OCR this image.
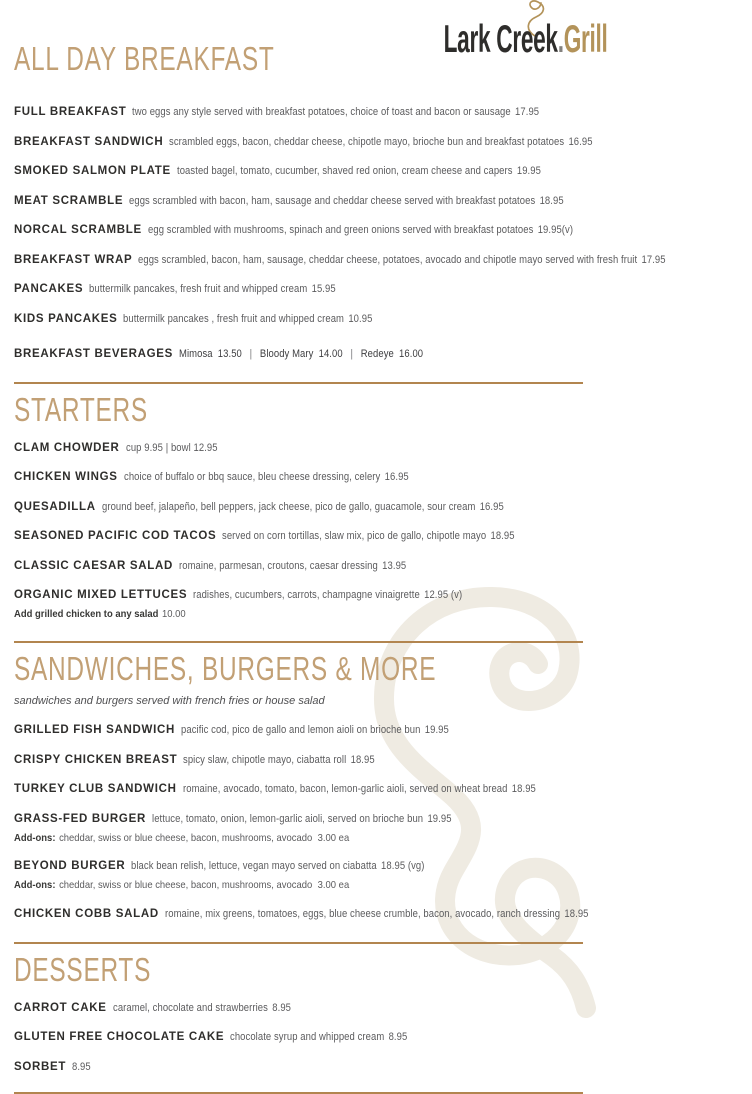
ALL DAY BREAKFAST	Lark Creek.Grill
FULL BREAKFAST two eggs any style served with breakfast potatoes, choice of toast and bacon or sausage 17.95
BREAKFAST SANDWICH scrambled eggs, bacon, cheddar cheese, chipotle mayo, brioche bun and breakfast potatoes 16.95
SMOKED SALMON PLATE toasted bagel, tomato, cucumber, shaved red onion, cream cheese and capers 19.95
MEAT SCRAMBLE eggs scrambled with bacon, ham, sausage and cheddar cheese served with breakfast potatoes 18.95
NORCAL SCRAMBLE egg scrambled with mushrooms, spinach and green onions served with breakfast potatoes 19.95(v)
BREAKFAST WRAP eggs scrambled, bacon, ham, sausage, cheddar cheese, potatoes, avocado and chipotle mayo served with fresh fruit 17.95
PANCAKES buttermilk pancakes, fresh fruit and whipped cream 15.95
KIDS PANCAKES buttermilk pancakes , fresh fruit and whipped cream 10.95
BREAKFAST BEVERAGES Mimosa 13.50 | Bloody Mary 14.00 | Redeye 16.00
STARTERS
CLAM CHOWDER cup 9.95 | bowl 12.95
CHICKEN WINGS choice of buffalo or bbq sauce, bleu cheese dressing, celery 16.95
QUESADILLA ground beef, jalapeño, bell peppers, jack cheese, pico de gallo, guacamole, sour cream 16.95
SEASONED PACIFIC COD TACOS served on corn tortillas, slaw mix, pico de gallo, chipotle mayo 18.95
CLASSIC CAESAR SALAD romaine, parmesan, croutons, caesar dressing 13.95
ORGANIC MIXED LETTUCES radishes, cucumbers, carrots, champagne vinaigrette 12.95 (v)
Add grilled chicken to any salad 10.00
SANDWICHES, BURGERS & MORE

sandwiches and burgers served with french fries or house salad

GRILLED FISH SANDWICH pacific cod, pico de gallo and lemon aioli on brioche bun 19.95
CRISPY CHICKEN BREAST spicy slaw, chipotle mayo, ciabatta roll 18.95
TURKEY CLUB SANDWICH romaine, avocado, tomato, bacon, lemon-garlic aioli, served on wheat bread 18.95
GRASS-FED BURGER lettuce, tomato, onion, lemon-garlic aioli, served on brioche bun 19.95
Add-ons: cheddar, swiss or blue cheese, bacon, mushrooms, avocado 3.00 ea
BEYOND BURGER black bean relish, lettuce, vegan mayo served on ciabatta 18.95 (vg)
Add-ons: cheddar, swiss or blue cheese, bacon, mushrooms, avocado 3.00 ea
CHICKEN COBB SALAD romaine, mix greens, tomatoes, eggs, blue cheese crumble, bacon, avocado, ranch dressing 18.95
DESSERTS
CARROT CAKE caramel, chocolate and strawberries 8.95
GLUTEN FREE CHOCOLATE CAKE chocolate syrup and whipped cream 8.95
SORBET 8.95
